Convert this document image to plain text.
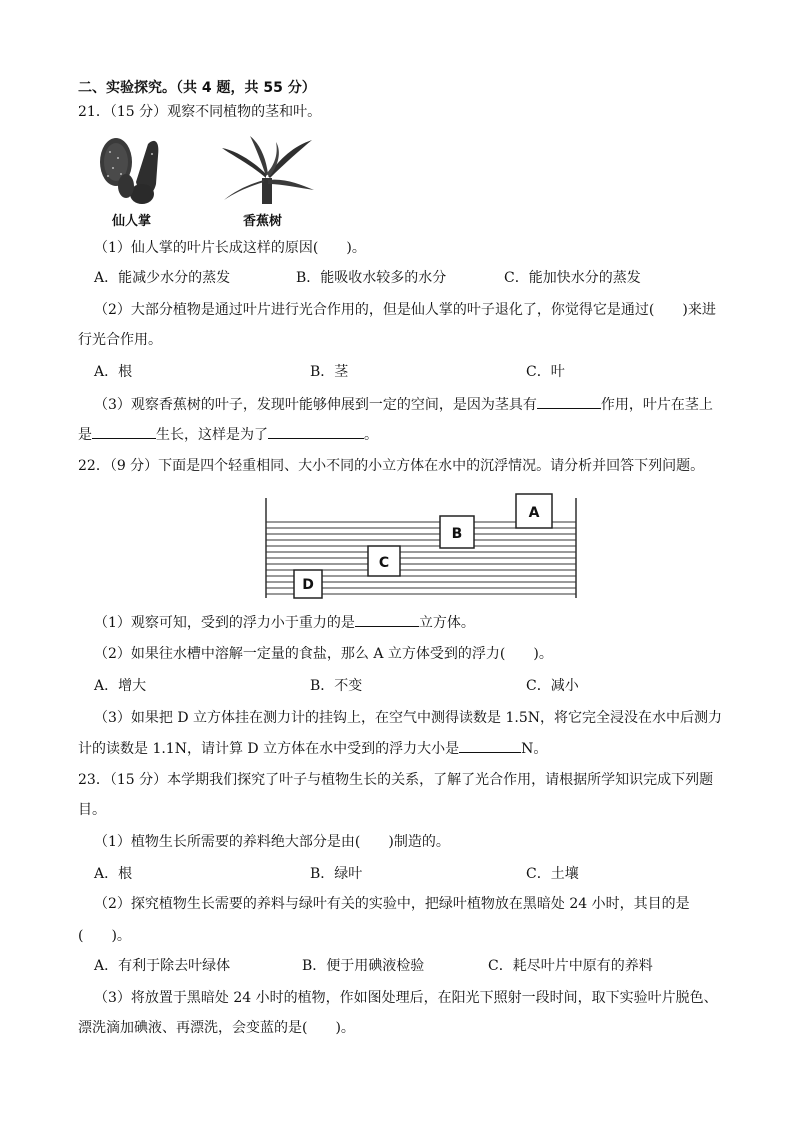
二、实验探究。（共 4 题，共 55 分）
21．（15 分）观察不同植物的茎和叶。
仙人掌	香蕉树
（1）仙人掌的叶片长成这样的原因(　　)。
A．能减少水分的蒸发	B．能吸收水较多的水分	C．能加快水分的蒸发
（2）大部分植物是通过叶片进行光合作用的，但是仙人掌的叶子退化了，你觉得它是通过(　　)来进
行光合作用。
A．根	B．茎	C．叶
（3）观察香蕉树的叶子，发现叶能够伸展到一定的空间，是因为茎具有	作用，叶片在茎上
是	生长，这样是为了	。
22．（9 分）下面是四个轻重相同、大小不同的小立方体在水中的沉浮情况。请分析并回答下列问题。
A
B
C
D
（1）观察可知，受到的浮力小于重力的是	立方体。
（2）如果往水槽中溶解一定量的食盐，那么 A 立方体受到的浮力(　　)。
A．增大	B．不变	C．减小
（3）如果把 D 立方体挂在测力计的挂钩上，在空气中测得读数是 1.5N，将它完全浸没在水中后测力
计的读数是 1.1N，请计算 D 立方体在水中受到的浮力大小是	N。
23．（15 分）本学期我们探究了叶子与植物生长的关系，了解了光合作用，请根据所学知识完成下列题
目。
（1）植物生长所需要的养料绝大部分是由(　　)制造的。
A．根	B．绿叶	C．土壤
（2）探究植物生长需要的养料与绿叶有关的实验中，把绿叶植物放在黑暗处 24 小时，其目的是
(　　)。
A．有利于除去叶绿体	B．便于用碘液检验	C．耗尽叶片中原有的养料
（3）将放置于黑暗处 24 小时的植物，作如图处理后，在阳光下照射一段时间，取下实验叶片脱色、
漂洗滴加碘液、再漂洗，会变蓝的是(　　)。
